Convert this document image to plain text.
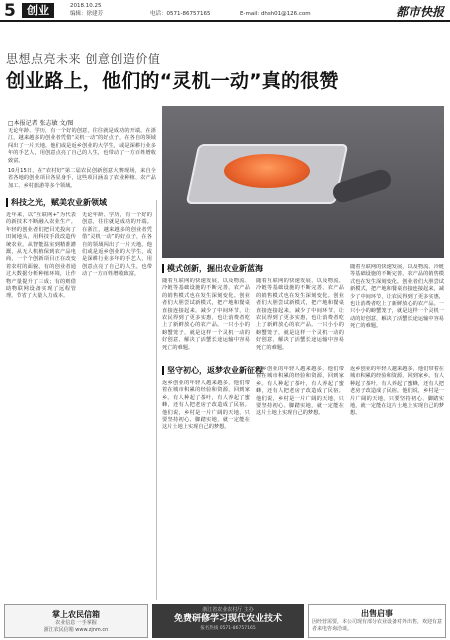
5	创业	2018.10.25
编辑：徐建芳	电话：0571-86757165	E-mail: dhsh01@126.com	都市快报
思想点亮未来 创意创造价值
创业路上，他们的“灵机一动”真的很赞
□本报记者 张志敏 文/图

无论年龄、学历，有一个好的创意，往往就是成功的开端。在浙江，越来越多的创业者凭借“灵机一动”的好点子，在各自的领域闯出了一片天地。他们或是返乡创业的大学生，或是深耕行业多年的手艺人，用创意点亮了自己的人生，也带动了一方百姓增收致富。

10月15日，在“农村好”第二届农民创新创意大赛现场，来自全省各地的创业项目各显身手，这些项目涵盖了农业种植、农产品加工、乡村旅游等多个领域。

科技之光，赋美农业新领域
近年来，以“互联网+”为代表的新技术不断融入农业生产。年轻的创业者们把目光投向了田间地头，用科技手段改造传统农业。从智能温室到精准灌溉，从无人机植保到农产品电商，一个个创新项目正在改变着农村的面貌。有的创业者通过大数据分析种植环境，让作物产量提升了三成；有的则借助物联网设备实现了远程管理，节省了大量人力成本。
无论年龄、学历，有一个好的创意，往往就是成功的开端。在浙江，越来越多的创业者凭借“灵机一动”的好点子，在各自的领域闯出了一片天地。他们或是返乡创业的大学生，或是深耕行业多年的手艺人，用创意点亮了自己的人生，也带动了一方百姓增收致富。
模式创新，掘出农业新蓝海
随着互联网的快速发展，以及物流、冷链等基础设施的不断完善，农产品的销售模式也在发生深刻变化。创业者们大胆尝试新模式，把产地和餐桌直接连接起来，减少了中间环节，让农民得到了更多实惠，也让消费者吃上了新鲜放心的农产品。一只小小的螃蟹笼子，就是这样一个灵机一动的好创意，解决了活蟹长途运输中容易死亡的难题。
随着互联网的快速发展，以及物流、冷链等基础设施的不断完善，农产品的销售模式也在发生深刻变化。创业者们大胆尝试新模式，把产地和餐桌直接连接起来，减少了中间环节，让农民得到了更多实惠，也让消费者吃上了新鲜放心的农产品。一只小小的螃蟹笼子，就是这样一个灵机一动的好创意，解决了活蟹长途运输中容易死亡的难题。
随着互联网的快速发展，以及物流、冷链等基础设施的不断完善，农产品的销售模式也在发生深刻变化。创业者们大胆尝试新模式，把产地和餐桌直接连接起来，减少了中间环节，让农民得到了更多实惠，也让消费者吃上了新鲜放心的农产品。一只小小的螃蟹笼子，就是这样一个灵机一动的好创意，解决了活蟹长途运输中容易死亡的难题。
坚守初心，返梦农业新征程
返乡创业的年轻人越来越多，他们带着在城市积累的经验和资源，回到家乡。有人种起了茶叶，有人养起了蜜蜂，还有人把老房子改造成了民宿。他们说，乡村是一片广阔的天地，只要坚持初心、脚踏实地，就一定能在这片土地上实现自己的梦想。
返乡创业的年轻人越来越多，他们带着在城市积累的经验和资源，回到家乡。有人种起了茶叶，有人养起了蜜蜂，还有人把老房子改造成了民宿。他们说，乡村是一片广阔的天地，只要坚持初心、脚踏实地，就一定能在这片土地上实现自己的梦想。
返乡创业的年轻人越来越多，他们带着在城市积累的经验和资源，回到家乡。有人种起了茶叶，有人养起了蜜蜂，还有人把老房子改造成了民宿。他们说，乡村是一片广阔的天地，只要坚持初心、脚踏实地，就一定能在这片土地上实现自己的梦想。
掌上农民信箱
农业信息 一手掌握
浙江农民信箱 www.zjnm.cn
浙江省农业农村厅 主办
免费研修学习现代农业技术
报名热线 0571-86757165
出售启事
因经营需要，本公司现有部分农业设备对外出售，欢迎有意者来电咨询洽谈。
